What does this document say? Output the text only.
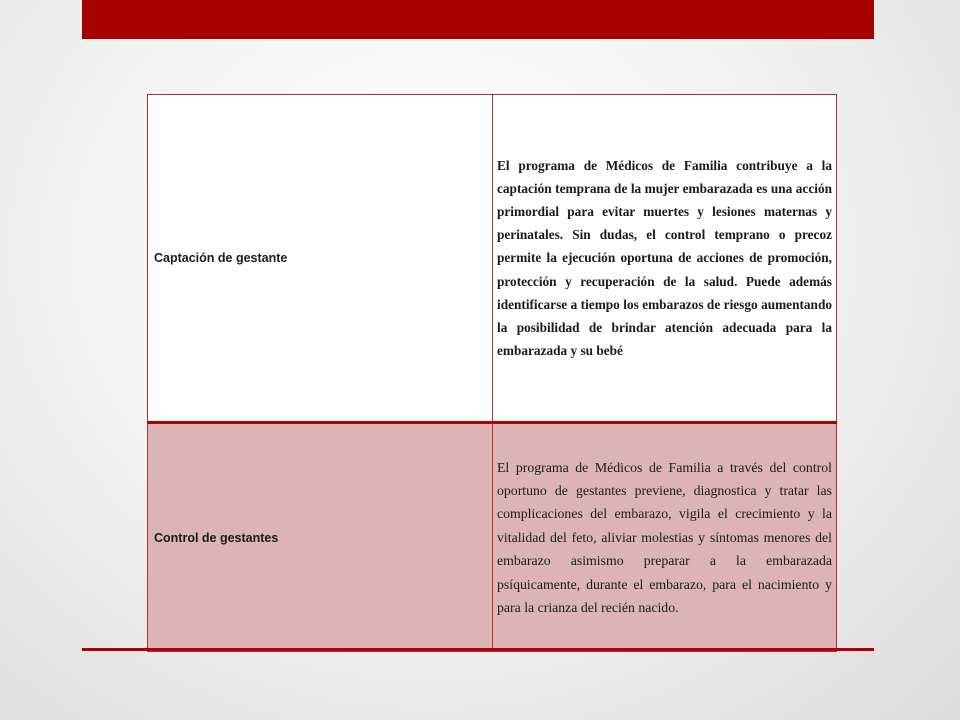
Captación de gestante	El programa de Médicos de Familia contribuye a la captación temprana de la mujer embarazada es una acción primordial para evitar muertes y lesiones maternas y perinatales. Sin dudas, el control temprano o precoz permite la ejecución oportuna de acciones de promoción, protección y recuperación de la salud. Puede además identificarse a tiempo los embarazos de riesgo aumentando la posibilidad de brindar atención adecuada para la embarazada y su bebé

Control de gestantes	El programa de Médicos de Familia a través del control oportuno de gestantes previene, diagnostica y tratar las complicaciones del embarazo, vigila el crecimiento y la vitalidad del feto, aliviar molestias y síntomas menores del embarazo asimismo preparar a la embarazada psíquicamente, durante el embarazo, para el nacimiento y para la crianza del recién nacido.
